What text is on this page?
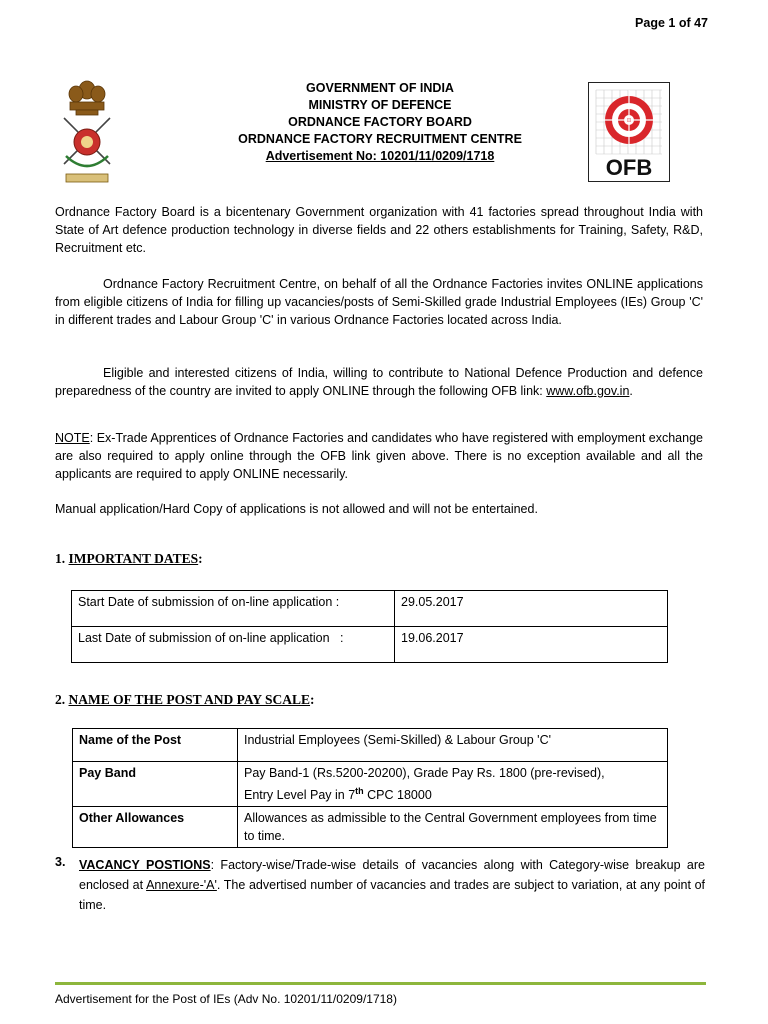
Page 1 of 47
GOVERNMENT OF INDIA
MINISTRY OF DEFENCE
ORDNANCE FACTORY BOARD
ORDNANCE FACTORY RECRUITMENT CENTRE
Advertisement No: 10201/11/0209/1718	OFB

Ordnance Factory Board is a bicentenary Government organization with 41 factories spread throughout India with State of Art defence production technology in diverse fields and 22 others establishments for Training, Safety, R&D, Recruitment etc.

Ordnance Factory Recruitment Centre, on behalf of all the Ordnance Factories invites ONLINE applications from eligible citizens of India for filling up vacancies/posts of Semi-Skilled grade Industrial Employees (IEs) Group 'C' in different trades and Labour Group 'C' in various Ordnance Factories located across India.

Eligible and interested citizens of India, willing to contribute to National Defence Production and defence preparedness of the country are invited to apply ONLINE through the following OFB link: www.ofb.gov.in.

NOTE: Ex-Trade Apprentices of Ordnance Factories and candidates who have registered with employment exchange are also required to apply online through the OFB link given above. There is no exception available and all the applicants are required to apply ONLINE necessarily.

Manual application/Hard Copy of applications is not allowed and will not be entertained.

1. IMPORTANT DATES:
Start Date of submission of on-line application :	29.05.2017
Last Date of submission of on-line application   :	19.06.2017
2. NAME OF THE POST AND PAY SCALE:
Name of the Post	Industrial Employees (Semi-Skilled) & Labour Group 'C'
Pay Band	Pay Band-1 (Rs.5200-20200), Grade Pay Rs. 1800 (pre-revised),
Entry Level Pay in 7th CPC 18000

Other Allowances	Allowances as admissible to the Central Government employees from time to time.
3. VACANCY POSTIONS: Factory-wise/Trade-wise details of vacancies along with Category-wise breakup are enclosed at Annexure-'A'. The advertised number of vacancies and trades are subject to variation, at any point of time.

Advertisement for the Post of IEs (Adv No. 10201/11/0209/1718)
